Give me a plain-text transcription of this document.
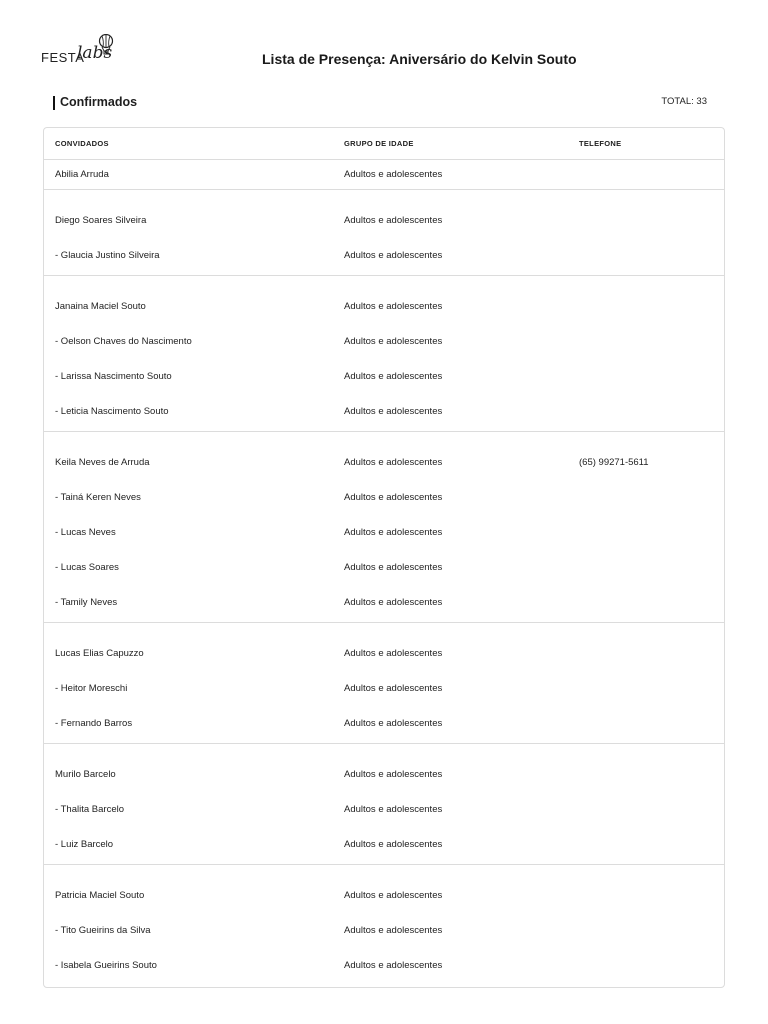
FESTA
labs	Lista de Presença: Aniversário do Kelvin Souto
Confirmados	TOTAL: 33
CONVIDADOS	GRUPO DE IDADE	TELEFONE
Abilia Arruda	Adultos e adolescentes
Diego Soares Silveira	Adultos e adolescentes
- Glaucia Justino Silveira	Adultos e adolescentes
Janaina Maciel Souto	Adultos e adolescentes
- Oelson Chaves do Nascimento	Adultos e adolescentes
- Larissa Nascimento Souto	Adultos e adolescentes
- Leticia Nascimento Souto	Adultos e adolescentes
Keila Neves de Arruda	Adultos e adolescentes	(65) 99271-5611
- Tainá Keren Neves	Adultos e adolescentes
- Lucas Neves	Adultos e adolescentes
- Lucas Soares	Adultos e adolescentes
- Tamily Neves	Adultos e adolescentes
Lucas Elias Capuzzo	Adultos e adolescentes
- Heitor Moreschi	Adultos e adolescentes
- Fernando Barros	Adultos e adolescentes
Murilo Barcelo	Adultos e adolescentes
- Thalita Barcelo	Adultos e adolescentes
- Luiz Barcelo	Adultos e adolescentes
Patricia Maciel Souto	Adultos e adolescentes
- Tito Gueirins da Silva	Adultos e adolescentes
- Isabela Gueirins Souto	Adultos e adolescentes
